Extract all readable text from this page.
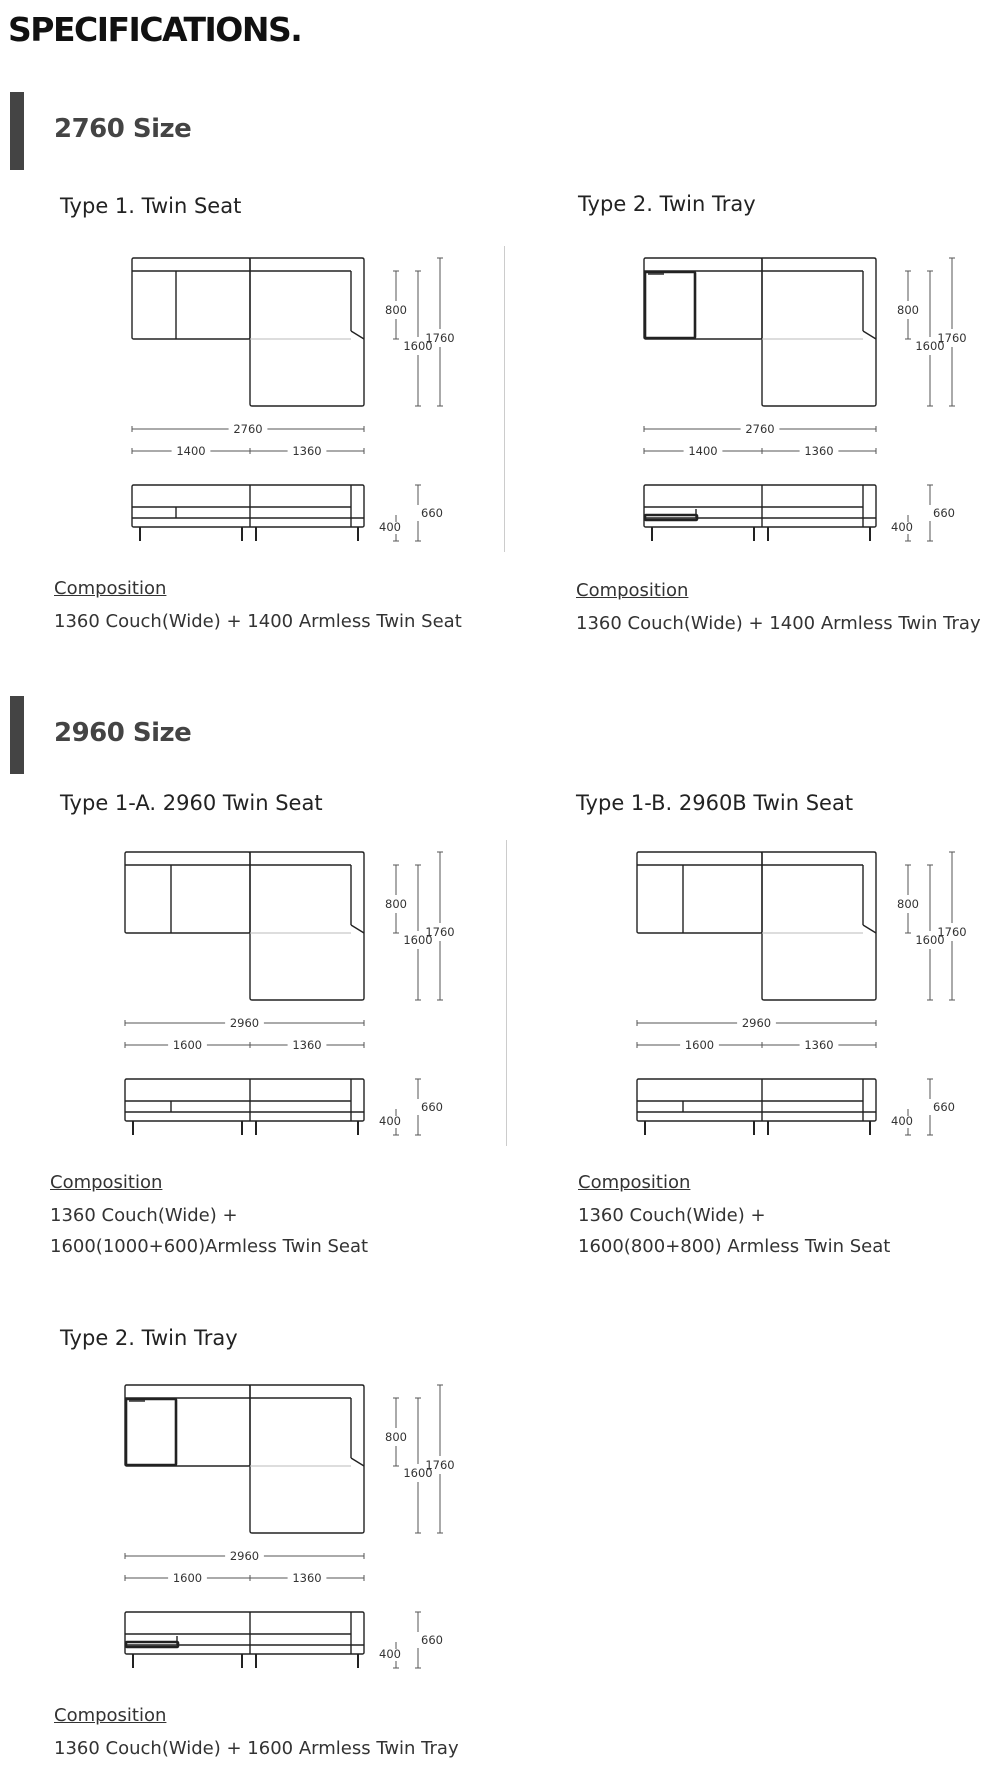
SPECIFICATIONS.
2760 Size
Type 1. Twin Seat	Type 2. Twin Tray
Composition
1360 Couch(Wide) + 1400 Armless Twin Seat
Composition
1360 Couch(Wide) + 1400 Armless Twin Tray
2960 Size
Type 1-A. 2960 Twin Seat	Type 1-B. 2960B Twin Seat
Composition
1360 Couch(Wide) +
1600(1000+600)Armless Twin Seat
Composition
1360 Couch(Wide) +
1600(800+800) Armless Twin Seat
Type 2. Twin Tray
Composition
1360 Couch(Wide) + 1600 Armless Twin Tray
800
1600
1760
2760
1400	1360
400
660
800
1600
1760
2760
1400	1360
400
660
800
1600
1760
2960
1600	1360
400
660
800
1600
1760
2960
1600	1360
400
660
800
1600
1760
2960
1600	1360
400
660
